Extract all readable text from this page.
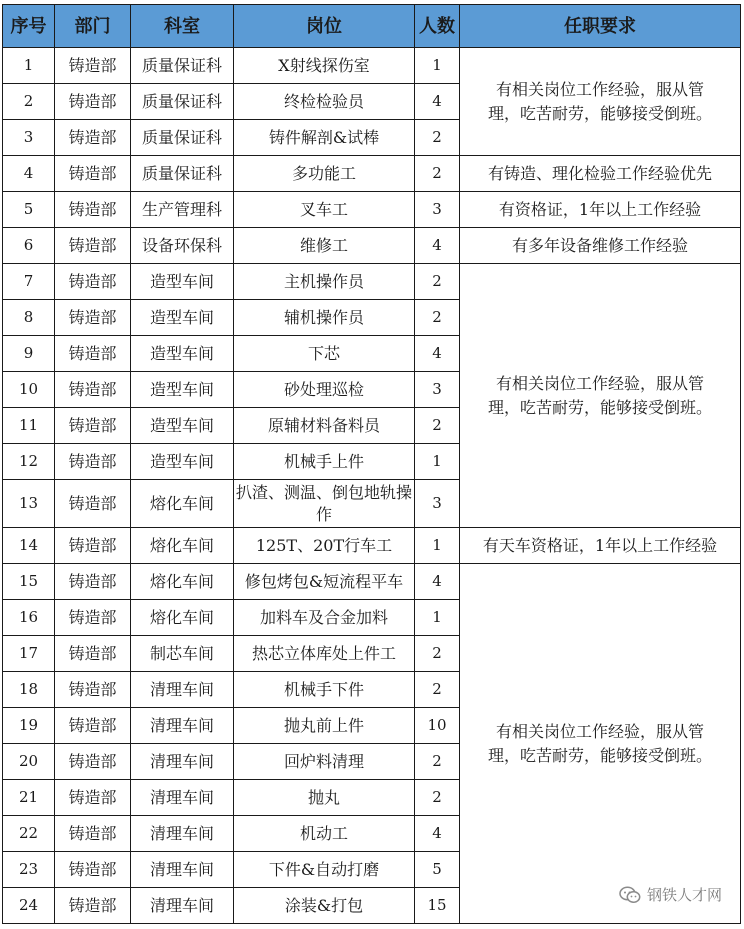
序号	部门	科室	岗位	人数	任职要求
1	铸造部	质量保证科	X射线探伤室	1	有相关岗位工作经验，服从管理，吃苦耐劳，能够接受倒班。
2	铸造部	质量保证科	终检检验员	4	
3	铸造部	质量保证科	铸件解剖&试棒	2	
4	铸造部	质量保证科	多功能工	2	有铸造、理化检验工作经验优先
5	铸造部	生产管理科	叉车工	3	有资格证，1年以上工作经验
6	铸造部	设备环保科	维修工	4	有多年设备维修工作经验
7	铸造部	造型车间	主机操作员	2	有相关岗位工作经验，服从管理，吃苦耐劳，能够接受倒班。
8	铸造部	造型车间	辅机操作员	2	
9	铸造部	造型车间	下芯	4	
10	铸造部	造型车间	砂处理巡检	3	
11	铸造部	造型车间	原辅材料备料员	2	
12	铸造部	造型车间	机械手上件	1	
13	铸造部	熔化车间	扒渣、测温、倒包地轨操作	3	
14	铸造部	熔化车间	125T、20T行车工	1	有天车资格证，1年以上工作经验
15	铸造部	熔化车间	修包烤包&短流程平车	4	有相关岗位工作经验，服从管理，吃苦耐劳，能够接受倒班。
16	铸造部	熔化车间	加料车及合金加料	1	
17	铸造部	制芯车间	热芯立体库处上件工	2	
18	铸造部	清理车间	机械手下件	2	
19	铸造部	清理车间	抛丸前上件	10	
20	铸造部	清理车间	回炉料清理	2	
21	铸造部	清理车间	抛丸	2	
22	铸造部	清理车间	机动工	4	
23	铸造部	清理车间	下件&自动打磨	5	
24	铸造部	清理车间	涂装&打包	15	
钢铁人才网
